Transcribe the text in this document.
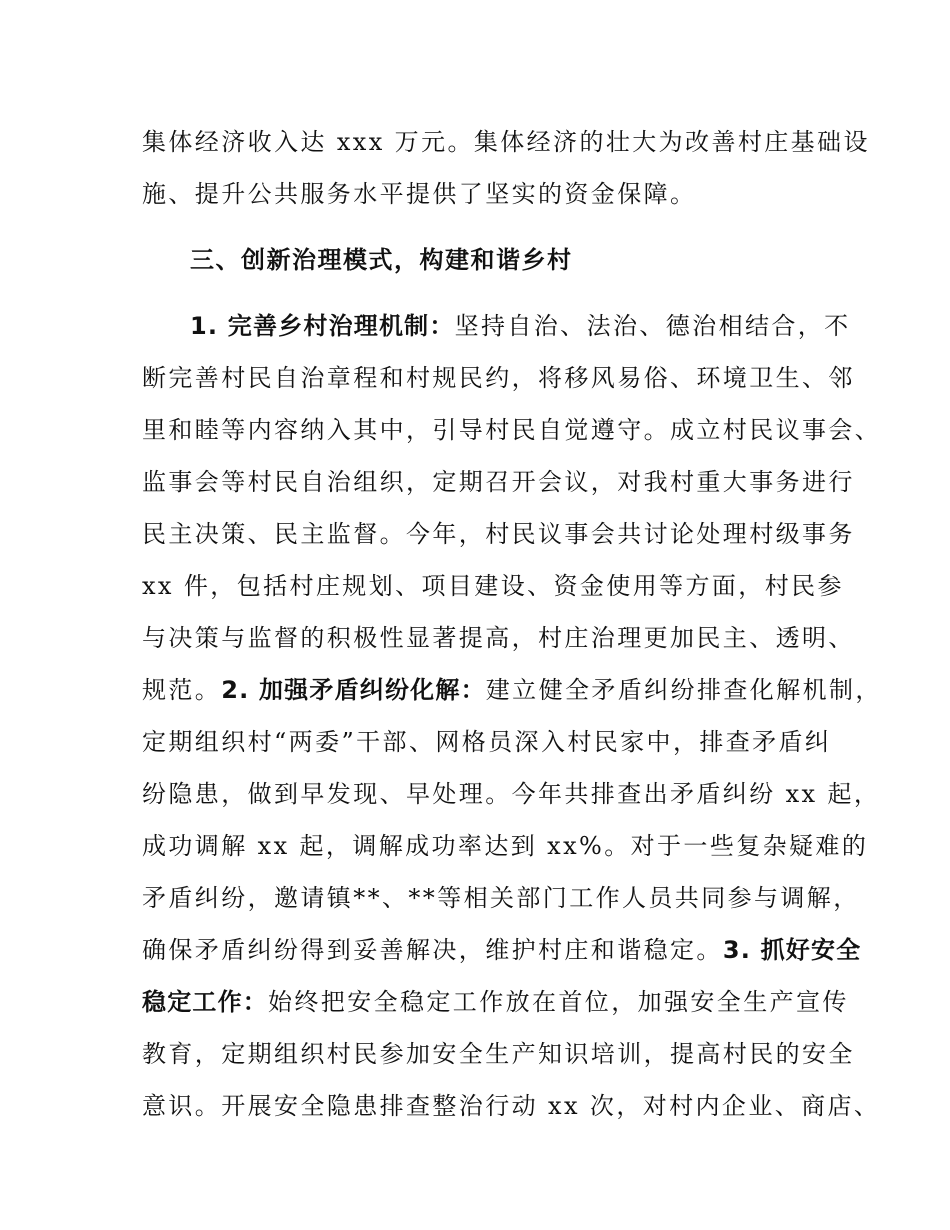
集体经济收入达 xxx 万元。集体经济的壮大为改善村庄基础设
施、提升公共服务水平提供了坚实的资金保障。
三、创新治理模式，构建和谐乡村
1. 完善乡村治理机制：坚持自治、法治、德治相结合，不
断完善村民自治章程和村规民约，将移风易俗、环境卫生、邻
里和睦等内容纳入其中，引导村民自觉遵守。成立村民议事会、
监事会等村民自治组织，定期召开会议，对我村重大事务进行
民主决策、民主监督。今年，村民议事会共讨论处理村级事务
xx 件，包括村庄规划、项目建设、资金使用等方面，村民参
与决策与监督的积极性显著提高，村庄治理更加民主、透明、
规范。2. 加强矛盾纠纷化解：建立健全矛盾纠纷排查化解机制，
定期组织村“两委”干部、网格员深入村民家中，排查矛盾纠
纷隐患，做到早发现、早处理。今年共排查出矛盾纠纷 xx 起，
成功调解 xx 起，调解成功率达到 xx%。对于一些复杂疑难的
矛盾纠纷，邀请镇**、**等相关部门工作人员共同参与调解，
确保矛盾纠纷得到妥善解决，维护村庄和谐稳定。3. 抓好安全
稳定工作：始终把安全稳定工作放在首位，加强安全生产宣传
教育，定期组织村民参加安全生产知识培训，提高村民的安全
意识。开展安全隐患排查整治行动 xx 次，对村内企业、商店、
